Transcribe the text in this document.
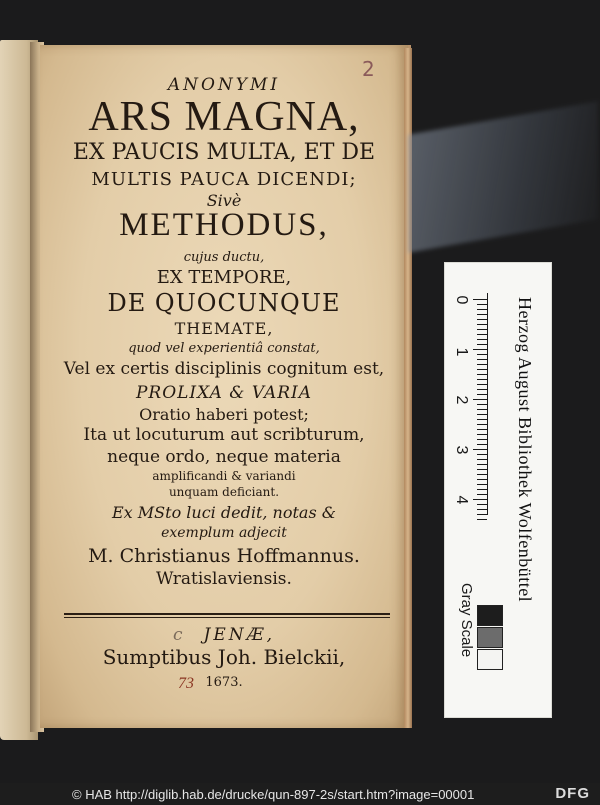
2
ANONYMI
ARS MAGNA,
EX PAUCIS MULTA, ET DE
MULTIS PAUCA DICENDI;
Sivè
METHODUS,
cujus ductu,
EX TEMPORE,
DE QUOCUNQUE
THEMATE,
quod vel experientiâ constat,
Vel ex certis disciplinis cognitum est,
PROLIXA & VARIA
Oratio haberi potest;
Ita ut locuturum aut scribturum,
neque ordo, neque materia
amplificandi & variandi
unquam deficiant.
Ex MSto luci dedit, notas &
exemplum adjecit
M. Christianus Hoffmannus.
Wratislaviensis.
c JENÆ,
Sumptibus Joh. Bielckii,
73 1673.
0
1
2
3
4	Herzog August Bibliothek Wolfenbüttel
Gray Scale
© HAB http://diglib.hab.de/drucke/qun-897-2s/start.htm?image=00001	DFG
